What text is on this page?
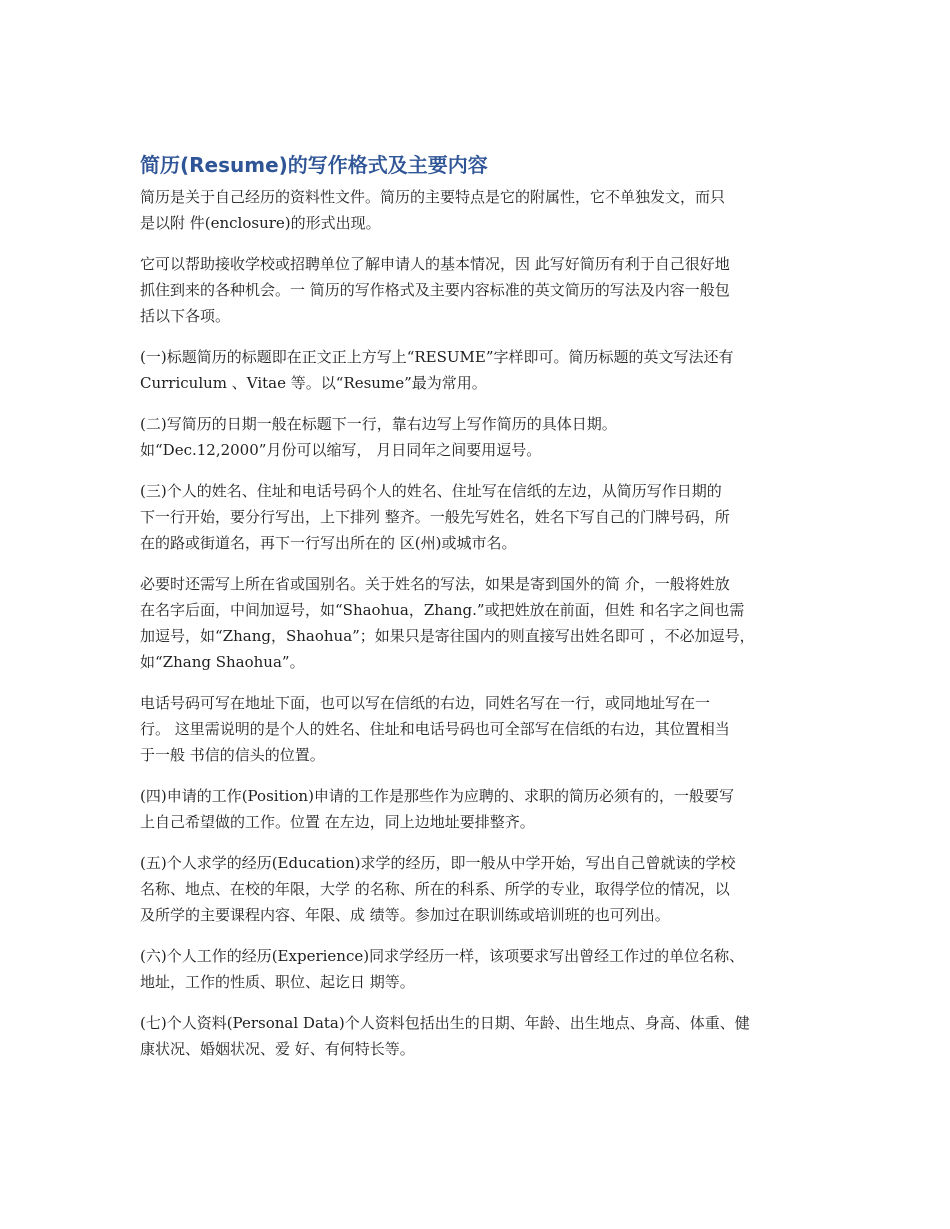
简历(Resume)的写作格式及主要内容

简历是关于自己经历的资料性文件。简历的主要特点是它的附属性，它不单独发文，而只
是以附 件(enclosure)的形式出现。

它可以帮助接收学校或招聘单位了解申请人的基本情况，因 此写好简历有利于自己很好地
抓住到来的各种机会。一 简历的写作格式及主要内容标准的英文简历的写法及内容一般包
括以下各项。

(一)标题简历的标题即在正文正上方写上“RESUME”字样即可。简历标题的英文写法还有
Curriculum 、Vitae 等。以“Resume”最为常用。

(二)写简历的日期一般在标题下一行，靠右边写上写作简历的具体日期。
如“Dec.12,2000”月份可以缩写， 月日同年之间要用逗号。

(三)个人的姓名、住址和电话号码个人的姓名、住址写在信纸的左边，从简历写作日期的
下一行开始，要分行写出，上下排列 整齐。一般先写姓名，姓名下写自己的门牌号码，所
在的路或街道名，再下一行写出所在的 区(州)或城市名。

必要时还需写上所在省或国别名。关于姓名的写法，如果是寄到国外的简 介，一般将姓放
在名字后面，中间加逗号，如“Shaohua，Zhang.”或把姓放在前面，但姓 和名字之间也需
加逗号，如“Zhang，Shaohua”；如果只是寄往国内的则直接写出姓名即可 ，不必加逗号，
如“Zhang Shaohua”。

电话号码可写在地址下面，也可以写在信纸的右边，同姓名写在一行，或同地址写在一
行。 这里需说明的是个人的姓名、住址和电话号码也可全部写在信纸的右边，其位置相当
于一般 书信的信头的位置。

(四)申请的工作(Position)申请的工作是那些作为应聘的、求职的简历必须有的，一般要写
上自己希望做的工作。位置 在左边，同上边地址要排整齐。

(五)个人求学的经历(Education)求学的经历，即一般从中学开始，写出自己曾就读的学校
名称、地点、在校的年限，大学 的名称、所在的科系、所学的专业，取得学位的情况，以
及所学的主要课程内容、年限、成 绩等。参加过在职训练或培训班的也可列出。

(六)个人工作的经历(Experience)同求学经历一样，该项要求写出曾经工作过的单位名称、
地址，工作的性质、职位、起讫日 期等。

(七)个人资料(Personal Data)个人资料包括出生的日期、年龄、出生地点、身高、体重、健
康状况、婚姻状况、爱 好、有何特长等。
